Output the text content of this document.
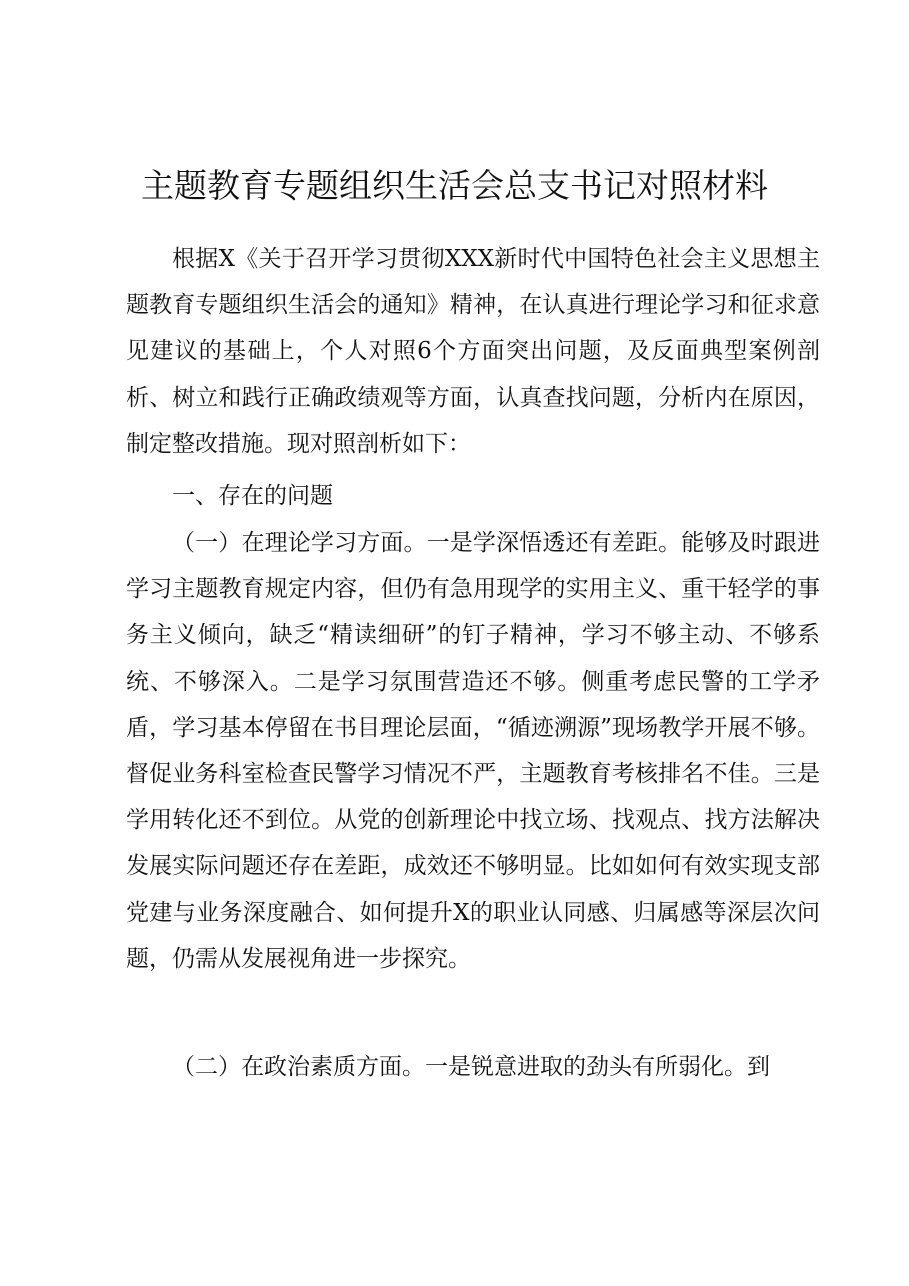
主题教育专题组织生活会总支书记对照材料

根据X《关于召开学习贯彻XXX新时代中国特色社会主义思想主题教育专题组织生活会的通知》精神，在认真进行理论学习和征求意见建议的基础上，个人对照6个方面突出问题，及反面典型案例剖析、树立和践行正确政绩观等方面，认真查找问题，分析内在原因，制定整改措施。现对照剖析如下：

一、存在的问题

（一）在理论学习方面。一是学深悟透还有差距。能够及时跟进学习主题教育规定内容，但仍有急用现学的实用主义、重干轻学的事务主义倾向，缺乏“精读细研”的钉子精神，学习不够主动、不够系统、不够深入。二是学习氛围营造还不够。侧重考虑民警的工学矛盾，学习基本停留在书目理论层面，“循迹溯源”现场教学开展不够。督促业务科室检查民警学习情况不严，主题教育考核排名不佳。三是学用转化还不到位。从党的创新理论中找立场、找观点、找方法解决发展实际问题还存在差距，成效还不够明显。比如如何有效实现支部党建与业务深度融合、如何提升X的职业认同感、归属感等深层次问题，仍需从发展视角进一步探究。

（二）在政治素质方面。一是锐意进取的劲头有所弱化。到
